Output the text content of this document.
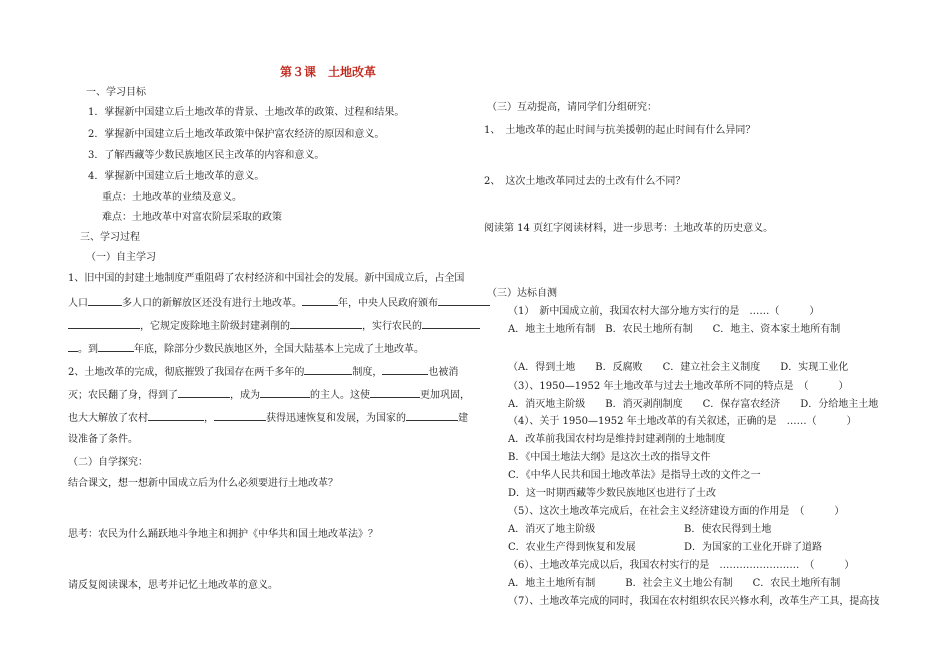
第３课　土地改革
一、学习目标
1．掌握新中国建立后土地改革的背景、土地改革的政策、过程和结果。
2．掌握新中国建立后土地改革政策中保护富农经济的原因和意义。
3．了解西藏等少数民族地区民主改革的内容和意义。
4．掌握新中国建立后土地改革的意义。
重点：土地改革的业绩及意义。
难点：土地改革中对富农阶层采取的政策
三、学习过程
（一）自主学习
1、旧中国的封建土地制度严重阻碍了农村经济和中国社会的发展。新中国成立后，占全国
人口	多人口的新解放区还没有进行土地改革。	年，中央人民政府颁布
，它规定废除地主阶级封建剥削的	，实行农民的
。到	年底，除部分少数民族地区外，全国大陆基本上完成了土地改革。
2、土地改革的完成，彻底摧毁了我国存在两千多年的	制度，	也被消
灭；农民翻了身，得到了	，成为	的主人。这使	更加巩固，
也大大解放了农村	，	获得迅速恢复和发展，为国家的	建
设准备了条件。
（二）自学探究：
结合课文，想一想新中国成立后为什么必须要进行土地改革？
思考：农民为什么踊跃地斗争地主和拥护《中华共和国土地改革法》？
请反复阅读课本，思考并记忆土地改革的意义。
（三）互动提高，请同学们分组研究：
1、　土地改革的起止时间与抗美援朝的起止时间有什么异同？
2、　这次土地改革同过去的土改有什么不同？
阅读第 14 页红字阅读材料，进一步思考：土地改革的历史意义。
（三）达标自测
（1）　新中国成立前，我国农村大部分地方实行的是　……（　　　）
A．地主土地所有制　B．农民土地所有制　　C．地主、资本家土地所有制
（A．得到土地　　B．反腐败　　C．建立社会主义制度　　D．实现工业化
（3）、1950—1952 年土地改革与过去土地改革所不同的特点是　（　　　）
A．消灭地主阶级　　B．消灭剥削制度　　C．保存富农经济　　D．分给地主土地
（4）、关于 1950—1952 年土地改革的有关叙述，正确的是　……（　　　）
A．改革前我国农村均是维持封建剥削的土地制度
B．《中国土地法大纲》是这次土改的指导文件
C．《中华人民共和国土地改革法》是指导土改的文件之一
D．这一时期西藏等少数民族地区也进行了土改
（5）、这次土地改革完成后，在社会主义经济建设方面的作用是　（　　　）
A．消灭了地主阶级	B．使农民得到土地
C．农业生产得到恢复和发展	D．为国家的工业化开辟了道路
（6）、土地改革完成以后，我国农村实行的是　……………………　（　　　）
A．地主土地所有制　　　B．社会主义土地公有制　　C．农民土地所有制
（7）、土地改革完成的同时，我国在农村组织农民兴修水利，改革生产工具，提高技
